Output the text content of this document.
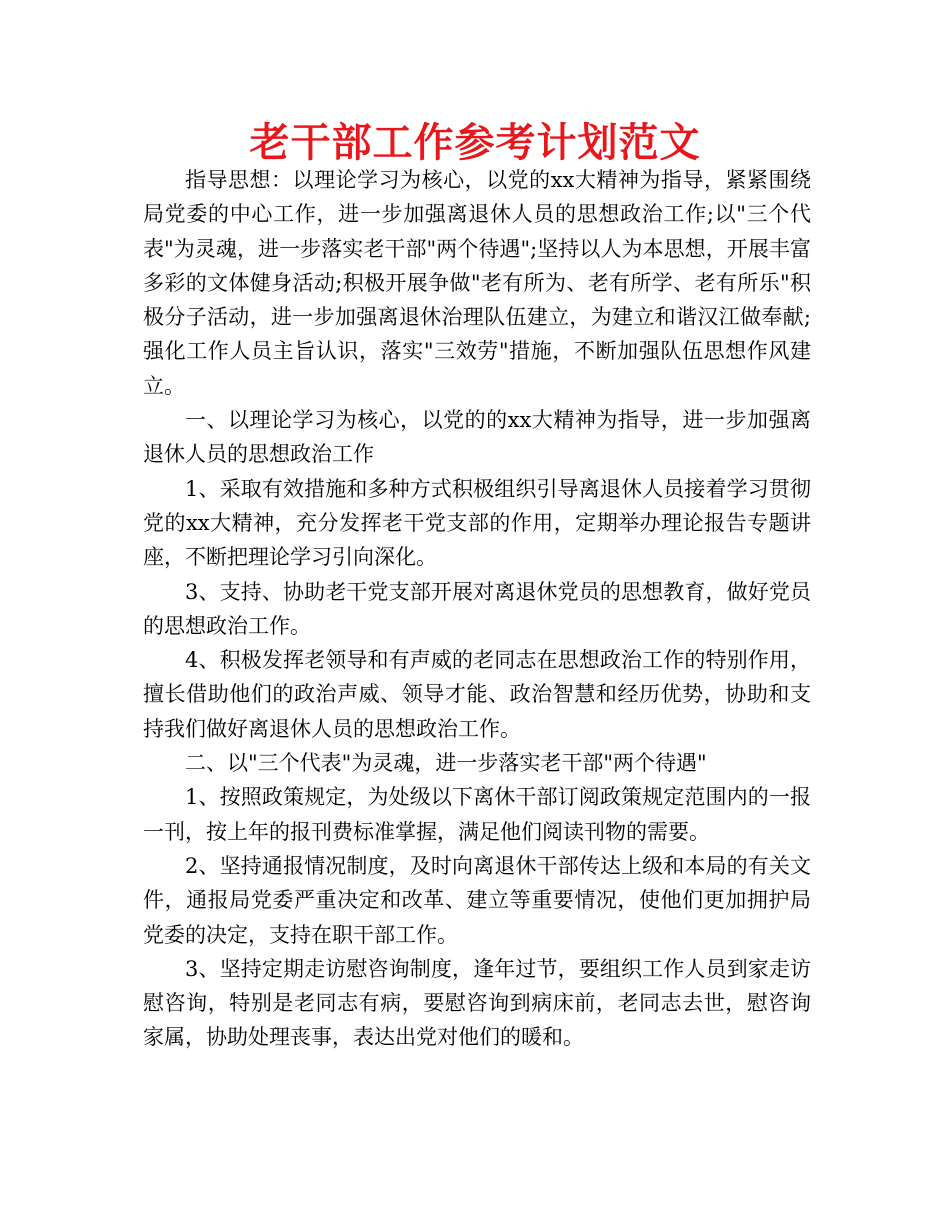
老干部工作参考计划范文

指导思想：以理论学习为核心，以党的xx大精神为指导，紧紧围绕局党委的中心工作，进一步加强离退休人员的思想政治工作;以"三个代表"为灵魂，进一步落实老干部"两个待遇";坚持以人为本思想，开展丰富多彩的文体健身活动;积极开展争做"老有所为、老有所学、老有所乐"积极分子活动，进一步加强离退休治理队伍建立，为建立和谐汉江做奉献;强化工作人员主旨认识，落实"三效劳"措施，不断加强队伍思想作风建立。

一、以理论学习为核心，以党的的xx大精神为指导，进一步加强离退休人员的思想政治工作

1、采取有效措施和多种方式积极组织引导离退休人员接着学习贯彻党的xx大精神，充分发挥老干党支部的作用，定期举办理论报告专题讲座，不断把理论学习引向深化。

3、支持、协助老干党支部开展对离退休党员的思想教育，做好党员的思想政治工作。

4、积极发挥老领导和有声威的老同志在思想政治工作的特别作用，擅长借助他们的政治声威、领导才能、政治智慧和经历优势，协助和支持我们做好离退休人员的思想政治工作。

二、以"三个代表"为灵魂，进一步落实老干部"两个待遇"

1、按照政策规定，为处级以下离休干部订阅政策规定范围内的一报一刊，按上年的报刊费标准掌握，满足他们阅读刊物的需要。

2、坚持通报情况制度，及时向离退休干部传达上级和本局的有关文件，通报局党委严重决定和改革、建立等重要情况，使他们更加拥护局党委的决定，支持在职干部工作。

3、坚持定期走访慰咨询制度，逢年过节，要组织工作人员到家走访慰咨询，特别是老同志有病，要慰咨询到病床前，老同志去世，慰咨询家属，协助处理丧事，表达出党对他们的暖和。
